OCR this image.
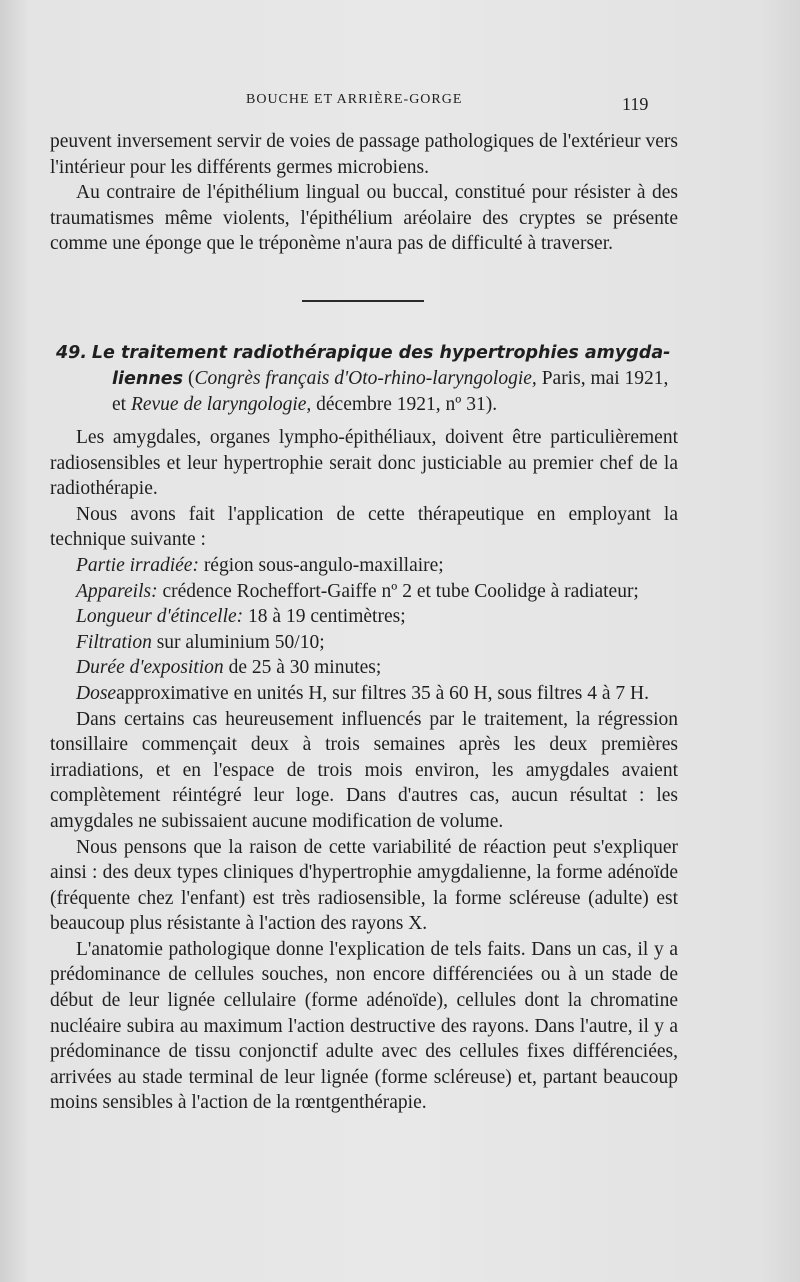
BOUCHE ET ARRIÈRE-GORGE	119

peuvent inversement servir de voies de passage pathologiques de l'extérieur vers l'intérieur pour les différents germes microbiens.

Au contraire de l'épithélium lingual ou buccal, constitué pour résister à des traumatismes même violents, l'épithélium aréolaire des cryptes se présente comme une éponge que le tréponème n'aura pas de difficulté à traverser.

49. Le traitement radiothérapique des hypertrophies amygda-
liennes (Congrès français d'Oto-rhino-laryngologie, Paris, mai 1921,
et Revue de laryngologie, décembre 1921, nº 31).

Les amygdales, organes lympho-épithéliaux, doivent être particulièrement radiosensibles et leur hypertrophie serait donc justiciable au premier chef de la radiothérapie.

Nous avons fait l'application de cette thérapeutique en employant la technique suivante :

Partie irradiée: région sous-angulo-maxillaire;

Appareils: crédence Rocheffort-Gaiffe nº 2 et tube Coolidge à radiateur;

Longueur d'étincelle: 18 à 19 centimètres;

Filtration sur aluminium 50/10;

Durée d'exposition de 25 à 30 minutes;

Doseapproximative en unités H, sur filtres 35 à 60 H, sous filtres 4 à 7 H.

Dans certains cas heureusement influencés par le traitement, la régression tonsillaire commençait deux à trois semaines après les deux premières irradiations, et en l'espace de trois mois environ, les amygdales avaient complètement réintégré leur loge. Dans d'autres cas, aucun résultat : les amygdales ne subissaient aucune modification de volume.

Nous pensons que la raison de cette variabilité de réaction peut s'expliquer ainsi : des deux types cliniques d'hypertrophie amygdalienne, la forme adénoïde (fréquente chez l'enfant) est très radiosensible, la forme scléreuse (adulte) est beaucoup plus résistante à l'action des rayons X.

L'anatomie pathologique donne l'explication de tels faits. Dans un cas, il y a prédominance de cellules souches, non encore différenciées ou à un stade de début de leur lignée cellulaire (forme adénoïde), cellules dont la chromatine nucléaire subira au maximum l'action destructive des rayons. Dans l'autre, il y a prédominance de tissu conjonctif adulte avec des cellules fixes différenciées, arrivées au stade terminal de leur lignée (forme scléreuse) et, partant beaucoup moins sensibles à l'action de la rœntgenthérapie.
